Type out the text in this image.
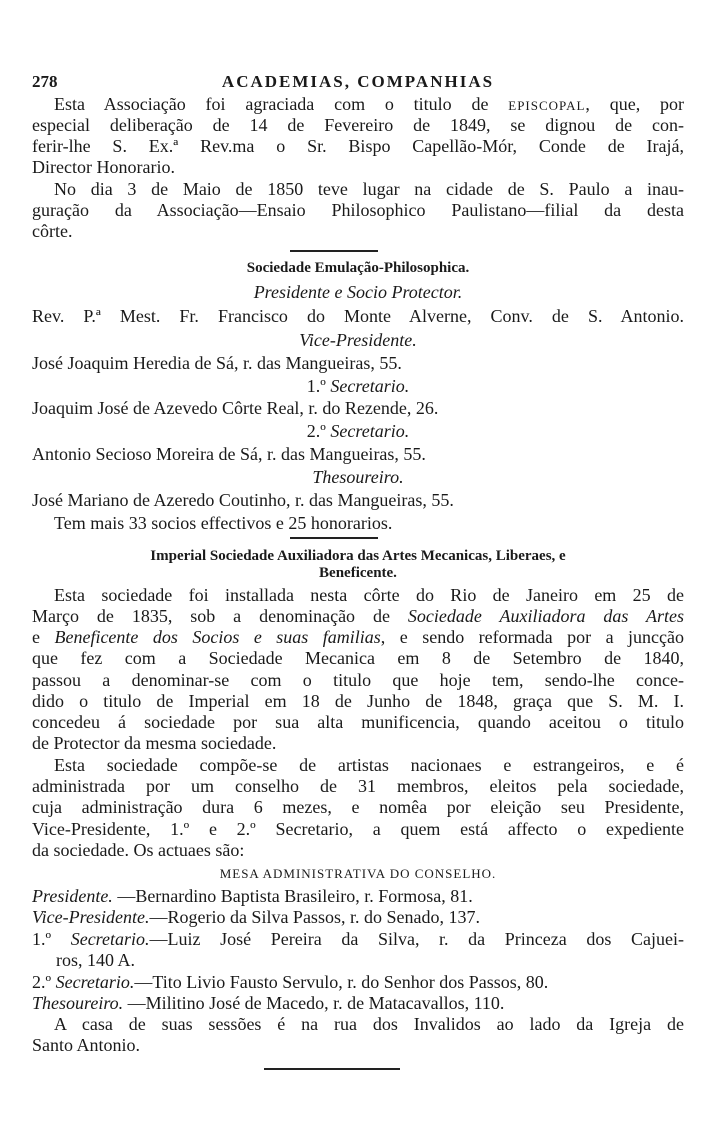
278	ACADEMIAS, COMPANHIAS
Esta Associação foi agraciada com o titulo de EPISCOPAL, que, por
especial deliberação de 14 de Fevereiro de 1849, se dignou de con-
ferir-lhe S. Ex.ª Rev.ma o Sr. Bispo Capellão-Mór, Conde de Irajá,
Director Honorario.
No dia 3 de Maio de 1850 teve lugar na cidade de S. Paulo a inau-
guração da Associação—Ensaio Philosophico Paulistano—filial da desta
côrte.
Sociedade Emulação-Philosophica.
Presidente e Socio Protector.
Rev. P.ª Mest. Fr. Francisco do Monte Alverne, Conv. de S. Antonio.
Vice-Presidente.
José Joaquim Heredia de Sá, r. das Mangueiras, 55.
1.º Secretario.
Joaquim José de Azevedo Côrte Real, r. do Rezende, 26.
2.º Secretario.
Antonio Secioso Moreira de Sá, r. das Mangueiras, 55.
Thesoureiro.
José Mariano de Azeredo Coutinho, r. das Mangueiras, 55.
Tem mais 33 socios effectivos e 25 honorarios.
Imperial Sociedade Auxiliadora das Artes Mecanicas, Liberaes, e
Beneficente.
Esta sociedade foi installada nesta côrte do Rio de Janeiro em 25 de
Março de 1835, sob a denominação de Sociedade Auxiliadora das Artes
e Beneficente dos Socios e suas familias, e sendo reformada por a juncção
que fez com a Sociedade Mecanica em 8 de Setembro de 1840,
passou a denominar-se com o titulo que hoje tem, sendo-lhe conce-
dido o titulo de Imperial em 18 de Junho de 1848, graça que S. M. I.
concedeu á sociedade por sua alta munificencia, quando aceitou o titulo
de Protector da mesma sociedade.
Esta sociedade compõe-se de artistas nacionaes e estrangeiros, e é
administrada por um conselho de 31 membros, eleitos pela sociedade,
cuja administração dura 6 mezes, e nomêa por eleição seu Presidente,
Vice-Presidente, 1.º e 2.º Secretario, a quem está affecto o expediente
da sociedade. Os actuaes são:
MESA ADMINISTRATIVA DO CONSELHO.
Presidente. —Bernardino Baptista Brasileiro, r. Formosa, 81.
Vice-Presidente.—Rogerio da Silva Passos, r. do Senado, 137.
1.º Secretario.—Luiz José Pereira da Silva, r. da Princeza dos Cajuei-
ros, 140 A.
2.º Secretario.—Tito Livio Fausto Servulo, r. do Senhor dos Passos, 80.
Thesoureiro. —Militino José de Macedo, r. de Matacavallos, 110.
A casa de suas sessões é na rua dos Invalidos ao lado da Igreja de
Santo Antonio.
